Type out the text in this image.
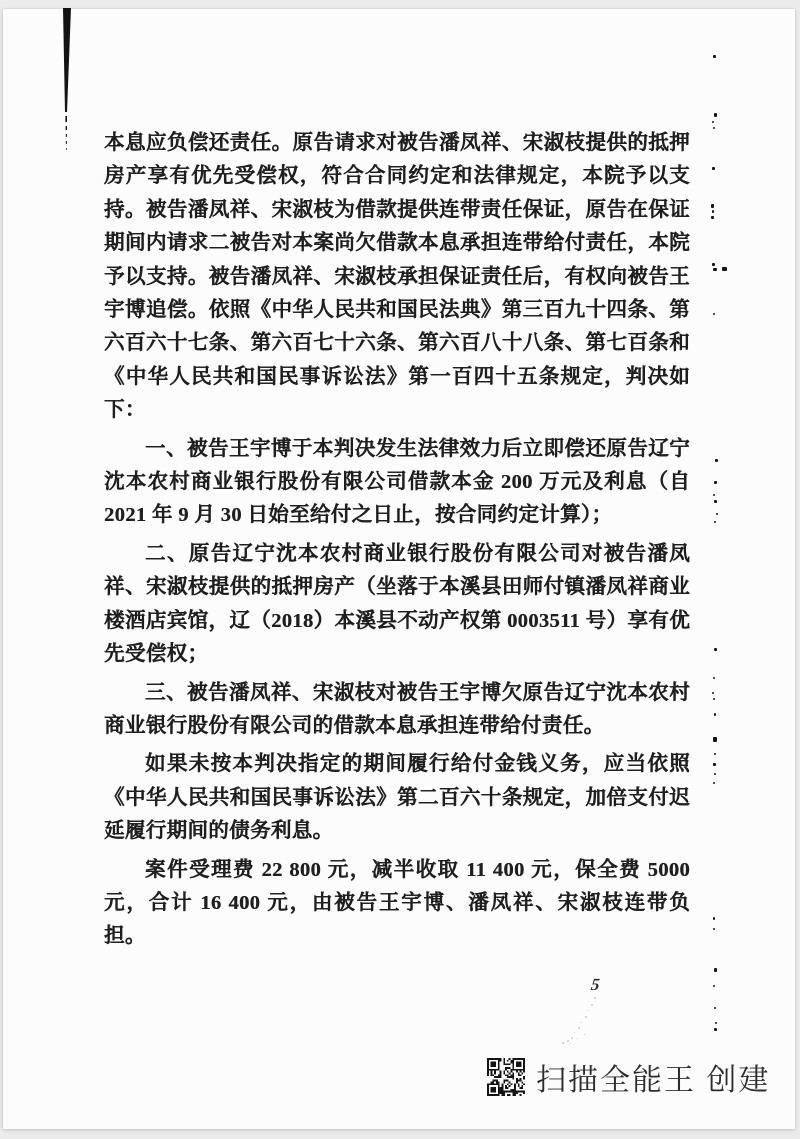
本息应负偿还责任。原告请求对被告潘凤祥、宋淑枝提供的抵押房产享有优先受偿权，符合合同约定和法律规定，本院予以支持。被告潘凤祥、宋淑枝为借款提供连带责任保证，原告在保证期间内请求二被告对本案尚欠借款本息承担连带给付责任，本院予以支持。被告潘凤祥、宋淑枝承担保证责任后，有权向被告王宇博追偿。依照《中华人民共和国民法典》第三百九十四条、第六百六十七条、第六百七十六条、第六百八十八条、第七百条和《中华人民共和国民事诉讼法》第一百四十五条规定，判决如下：

一、被告王宇博于本判决发生法律效力后立即偿还原告辽宁沈本农村商业银行股份有限公司借款本金 200 万元及利息（自 2021 年 9 月 30 日始至给付之日止，按合同约定计算）；

二、原告辽宁沈本农村商业银行股份有限公司对被告潘凤祥、宋淑枝提供的抵押房产（坐落于本溪县田师付镇潘凤祥商业楼酒店宾馆，辽（2018）本溪县不动产权第 0003511 号）享有优先受偿权；

三、被告潘凤祥、宋淑枝对被告王宇博欠原告辽宁沈本农村商业银行股份有限公司的借款本息承担连带给付责任。

如果未按本判决指定的期间履行给付金钱义务，应当依照《中华人民共和国民事诉讼法》第二百六十条规定，加倍支付迟延履行期间的债务利息。

案件受理费 22 800 元，减半收取 11 400 元，保全费 5000 元，合计 16 400 元，由被告王宇博、潘凤祥、宋淑枝连带负担。

5
扫描全能王 创建
